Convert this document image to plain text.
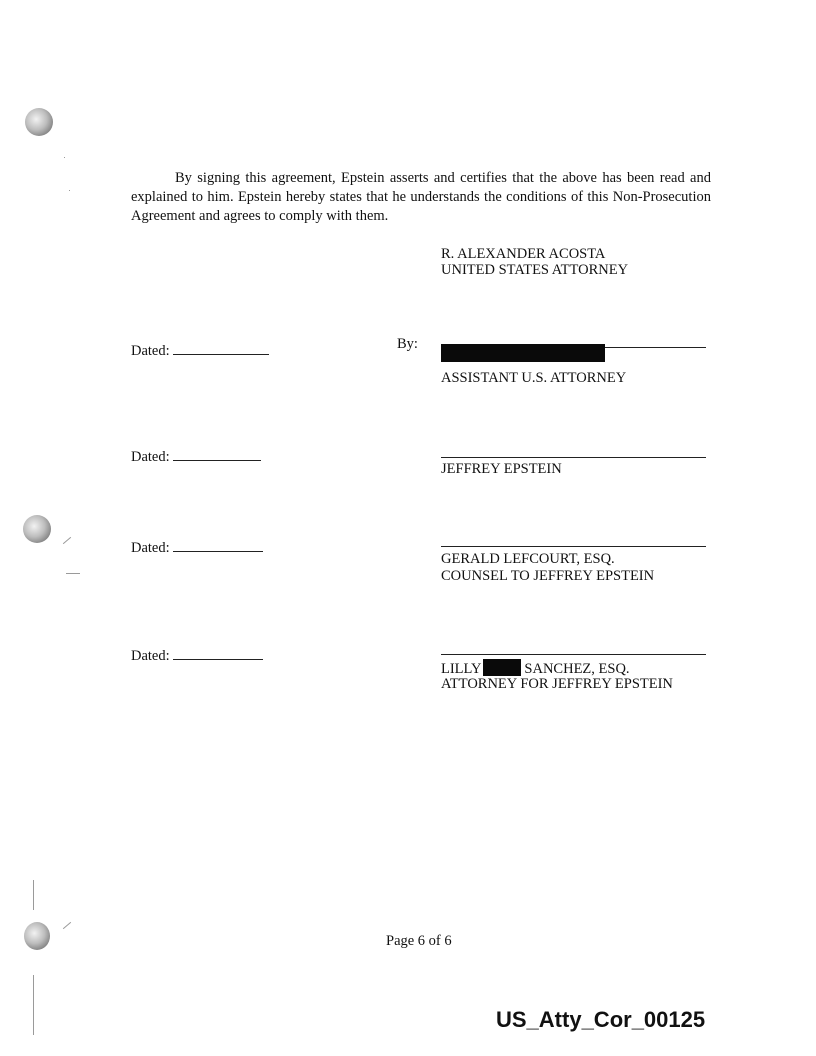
By signing this agreement, Epstein asserts and certifies that the above has been read and explained to him. Epstein hereby states that he understands the conditions of this Non-Prosecution Agreement and agrees to comply with them.
R. ALEXANDER ACOSTA
UNITED STATES ATTORNEY
Dated:	By:
ASSISTANT U.S. ATTORNEY
Dated:
JEFFREY EPSTEIN
Dated:
GERALD LEFCOURT, ESQ.
COUNSEL TO JEFFREY EPSTEIN
Dated:
LILLY	SANCHEZ, ESQ.
ATTORNEY FOR JEFFREY EPSTEIN
Page 6 of 6
US_Atty_Cor_00125
